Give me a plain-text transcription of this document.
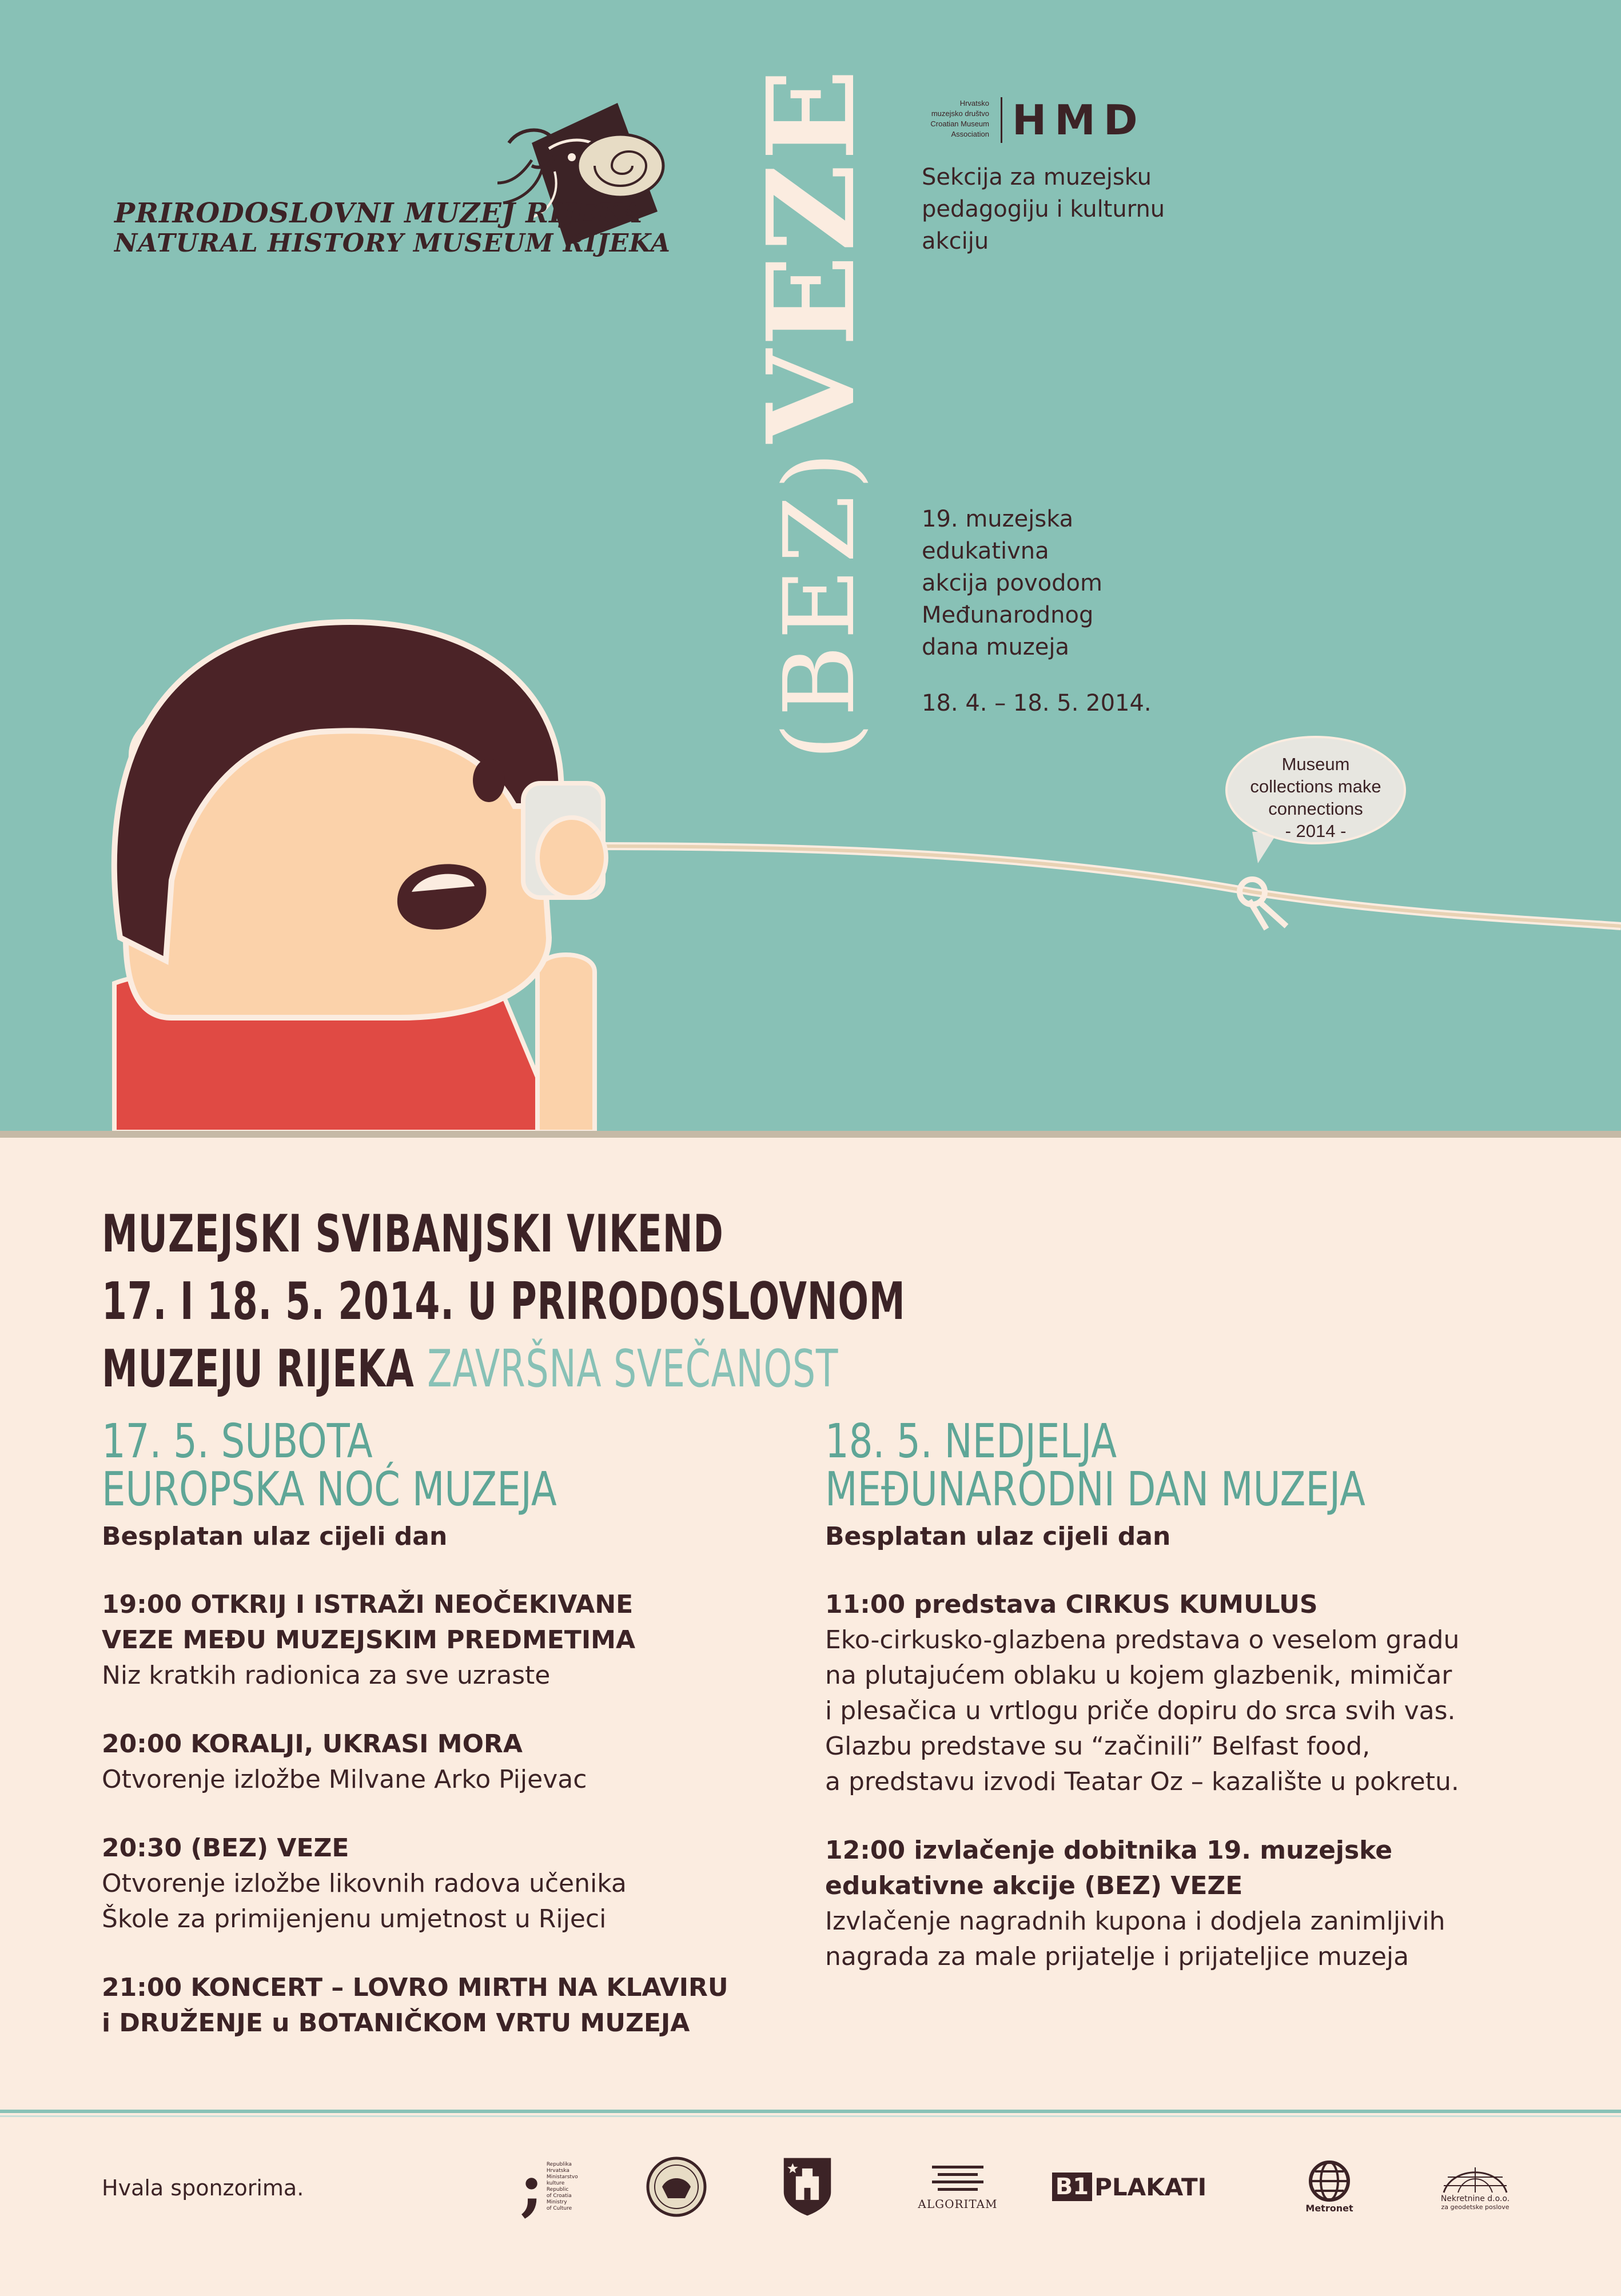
PRIRODOSLOVNI MUZEJ RIJEKA
NATURAL HISTORY MUSEUM RIJEKA
(BEZ) VEZE	Hrvatsko
muzejsko društvo
Croatian Museum
Association HMD
Sekcija za muzejsku
pedagogiju i kulturnu
akciju
19. muzejska
edukativna
akcija povodom
Međunarodnog
dana muzeja
18. 4. – 18. 5. 2014.
Museum
collections make
connections
- 2014 -
MUZEJSKI SVIBANJSKI VIKEND
17. I 18. 5. 2014. U PRIRODOSLOVNOM
MUZEJU RIJEKA ZAVRŠNA SVEČANOST
17. 5. SUBOTA
EUROPSKA NOĆ MUZEJA
Besplatan ulaz cijeli dan
19:00 OTKRIJ I ISTRAŽI NEOČEKIVANE
VEZE MEĐU MUZEJSKIM PREDMETIMA
Niz kratkih radionica za sve uzraste
20:00 KORALJI, UKRASI MORA
Otvorenje izložbe Milvane Arko Pijevac
20:30 (BEZ) VEZE
Otvorenje izložbe likovnih radova učenika
Škole za primijenjenu umjetnost u Rijeci
21:00 KONCERT – LOVRO MIRTH NA KLAVIRU
i DRUŽENJE u BOTANIČKOM VRTU MUZEJA
18. 5. NEDJELJA
MEĐUNARODNI DAN MUZEJA
Besplatan ulaz cijeli dan
11:00 predstava CIRKUS KUMULUS
Eko-cirkusko-glazbena predstava o veselom gradu
na plutajućem oblaku u kojem glazbenik, mimičar
i plesačica u vrtlogu priče dopiru do srca svih vas.
Glazbu predstave su “začinili” Belfast food,
a predstavu izvodi Teatar Oz – kazalište u pokretu.
12:00 izvlačenje dobitnika 19. muzejske
edukativne akcije (BEZ) VEZE
Izvlačenje nagradnih kupona i dodjela zanimljivih
nagrada za male prijatelje i prijateljice muzeja
Hvala sponzorima.	; Republika
Hrvatska
Ministarstvo
kulture
Republic
of Croatia
Ministry
of Culture	ALGORITAM
B1 PLAKATI
Metronet
Nekretnine d.o.o.
za geodetske poslove
